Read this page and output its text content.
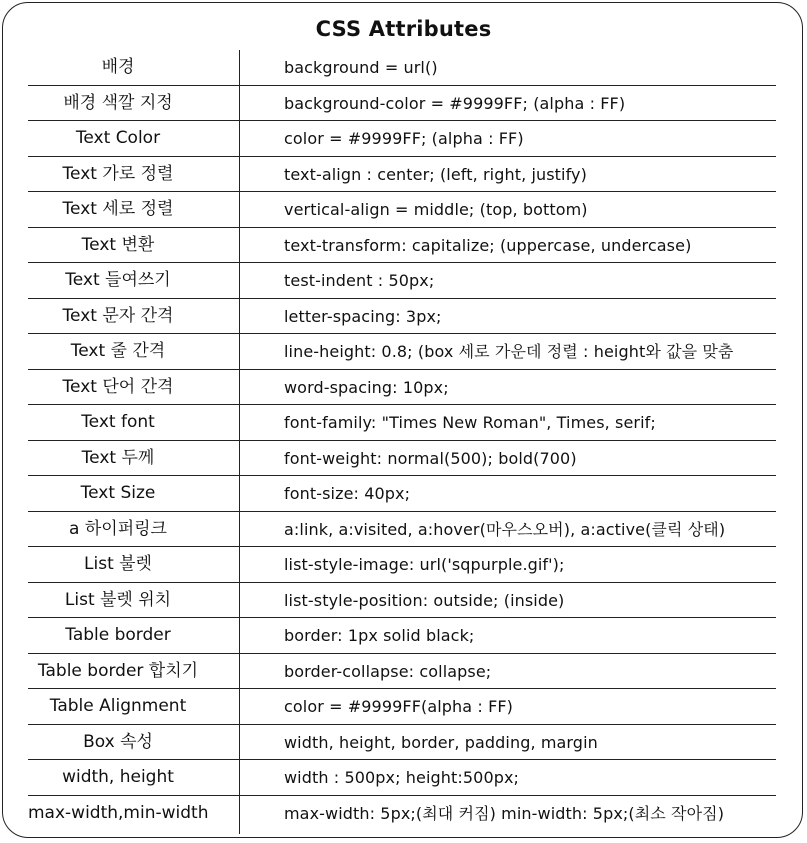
CSS Attributes
배경	background = url()
배경 색깔 지정	background-color = #9999FF; (alpha : FF)
Text Color	color = #9999FF; (alpha : FF)
Text 가로 정렬	text-align : center; (left, right, justify)
Text 세로 정렬	vertical-align = middle; (top, bottom)
Text 변환	text-transform: capitalize; (uppercase, undercase)
Text 들여쓰기	test-indent : 50px;
Text 문자 간격	letter-spacing: 3px;
Text 줄 간격	line-height: 0.8; (box 세로 가운데 정렬 : height와 값을 맞춤
Text 단어 간격	word-spacing: 10px;
Text font	font-family: "Times New Roman", Times, serif;
Text 두께	font-weight: normal(500); bold(700)
Text Size	font-size: 40px;
a 하이퍼링크	a:link, a:visited, a:hover(마우스오버), a:active(클릭 상태)
List 불렛	list-style-image: url('sqpurple.gif');
List 불렛 위치	list-style-position: outside; (inside)
Table border	border: 1px solid black;
Table border 합치기	border-collapse: collapse;
Table Alignment	color = #9999FF(alpha : FF)
Box 속성	width, height, border, padding, margin
width, height	width : 500px; height:500px;
max-width,min-width	max-width: 5px;(최대 커짐) min-width: 5px;(최소 작아짐)
